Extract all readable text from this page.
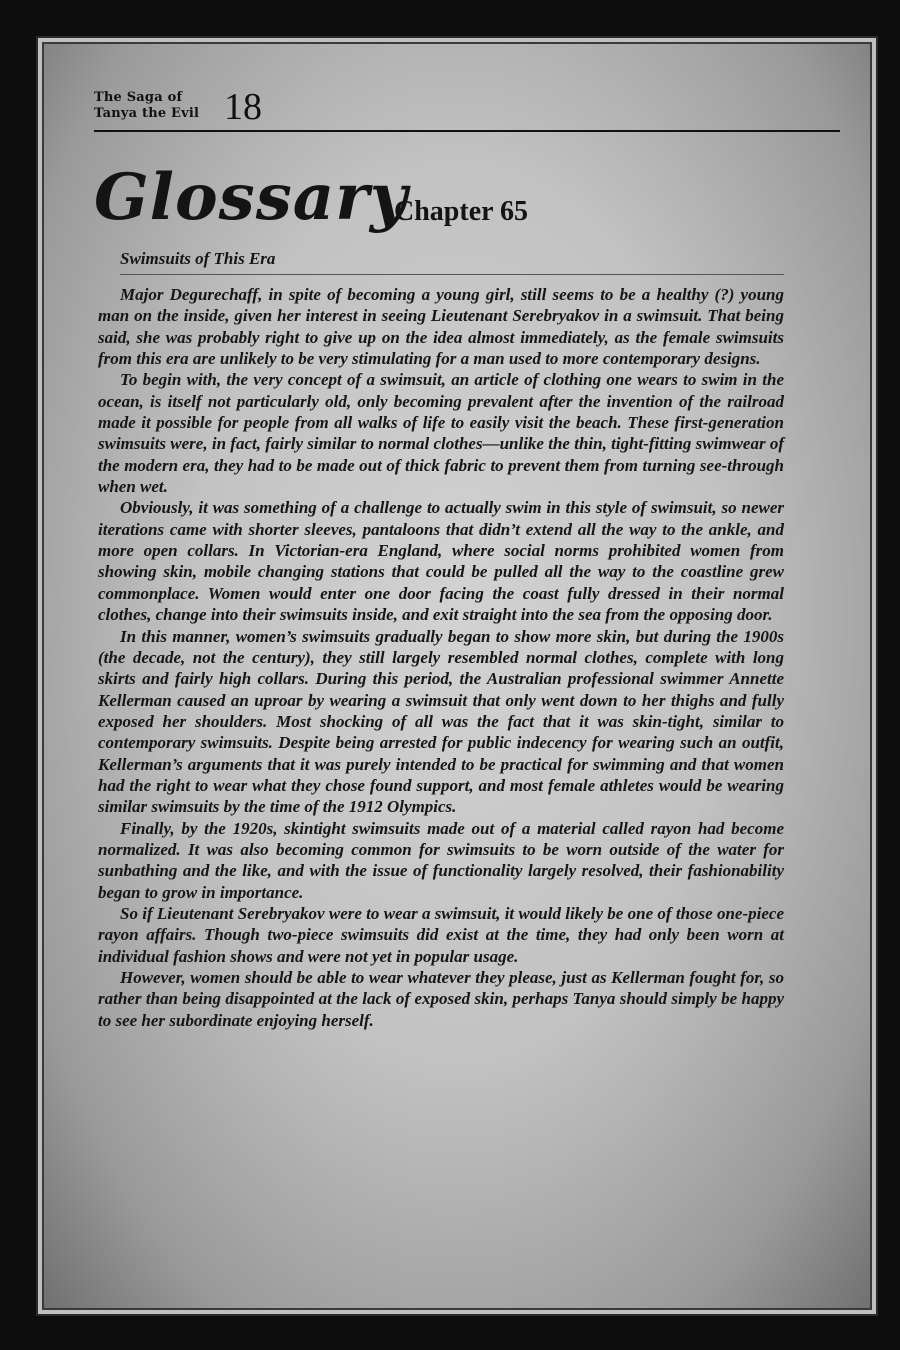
The Saga of
Tanya the Evil 18
Glossary
Chapter 65
Swimsuits of This Era

Major Degurechaff, in spite of becoming a young girl, still seems to be a healthy (?) young man on the inside, given her interest in seeing Lieutenant Serebryakov in a swimsuit. That being said, she was probably right to give up on the idea almost immediately, as the female swimsuits from this era are unlikely to be very stimulating for a man used to more contemporary designs.

To begin with, the very concept of a swimsuit, an article of clothing one wears to swim in the ocean, is itself not particularly old, only becoming prevalent after the invention of the railroad made it possible for people from all walks of life to easily visit the beach. These first-generation swimsuits were, in fact, fairly similar to normal clothes—unlike the thin, tight-fitting swimwear of the modern era, they had to be made out of thick fabric to prevent them from turning see-through when wet.

Obviously, it was something of a challenge to actually swim in this style of swimsuit, so newer iterations came with shorter sleeves, pantaloons that didn’t extend all the way to the ankle, and more open collars. In Victorian-era England, where social norms prohibited women from showing skin, mobile changing stations that could be pulled all the way to the coastline grew commonplace. Women would enter one door facing the coast fully dressed in their normal clothes, change into their swimsuits inside, and exit straight into the sea from the opposing door.

In this manner, women’s swimsuits gradually began to show more skin, but during the 1900s (the decade, not the century), they still largely resembled normal clothes, complete with long skirts and fairly high collars. During this period, the Australian professional swimmer Annette Kellerman caused an uproar by wearing a swimsuit that only went down to her thighs and fully exposed her shoulders. Most shocking of all was the fact that it was skin-tight, similar to contemporary swimsuits. Despite being arrested for public indecency for wearing such an outfit, Kellerman’s arguments that it was purely intended to be practical for swimming and that women had the right to wear what they chose found support, and most female athletes would be wearing similar swimsuits by the time of the 1912 Olympics.

Finally, by the 1920s, skintight swimsuits made out of a material called rayon had become normalized. It was also becoming common for swimsuits to be worn outside of the water for sunbathing and the like, and with the issue of functionality largely resolved, their fashionability began to grow in importance.

So if Lieutenant Serebryakov were to wear a swimsuit, it would likely be one of those one-piece rayon affairs. Though two-piece swimsuits did exist at the time, they had only been worn at individual fashion shows and were not yet in popular usage.

However, women should be able to wear whatever they please, just as Kellerman fought for, so rather than being disappointed at the lack of exposed skin, perhaps Tanya should simply be happy to see her subordinate enjoying herself.
